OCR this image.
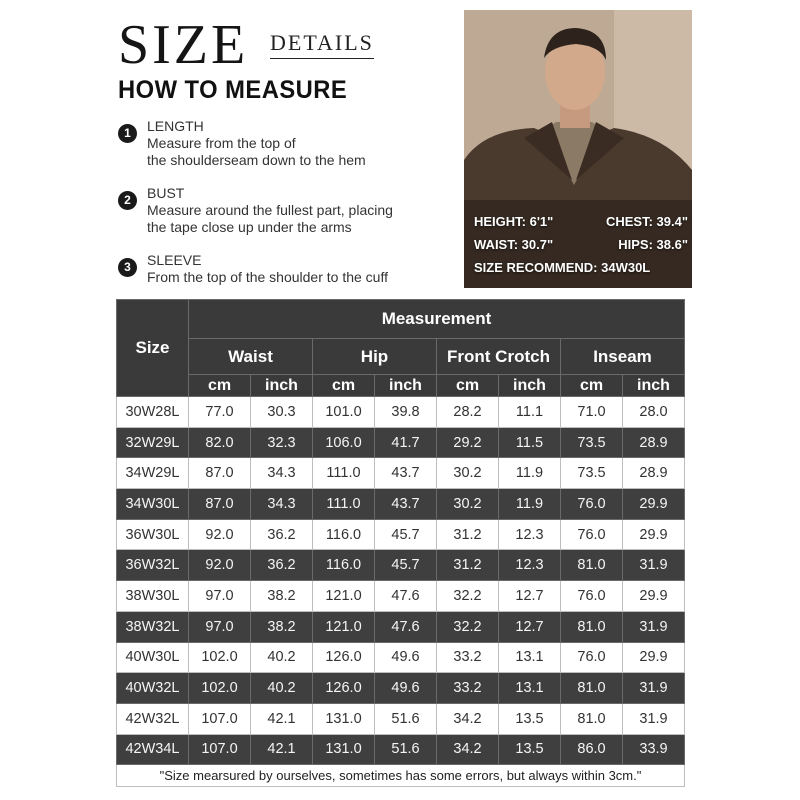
SIZE DETAILS
HOW TO MEASURE
1	LENGTH
Measure from the top of
the shoulderseam down to the hem
2	BUST
Measure around the fullest part, placing
the tape close up under the arms
3	SLEEVE
From the top of the shoulder to the cuff
HEIGHT: 6'1"	CHEST: 39.4"
WAIST: 30.7"	HIPS: 38.6"
SIZE RECOMMEND: 34W30L
Size	Measurement							
	Waist		Hip		Front Crotch		Inseam	
	cm	inch	cm	inch	cm	inch	cm	inch
30W28L	77.0	30.3	101.0	39.8	28.2	11.1	71.0	28.0
32W29L	82.0	32.3	106.0	41.7	29.2	11.5	73.5	28.9
34W29L	87.0	34.3	111.0	43.7	30.2	11.9	73.5	28.9
34W30L	87.0	34.3	111.0	43.7	30.2	11.9	76.0	29.9
36W30L	92.0	36.2	116.0	45.7	31.2	12.3	76.0	29.9
36W32L	92.0	36.2	116.0	45.7	31.2	12.3	81.0	31.9
38W30L	97.0	38.2	121.0	47.6	32.2	12.7	76.0	29.9
38W32L	97.0	38.2	121.0	47.6	32.2	12.7	81.0	31.9
40W30L	102.0	40.2	126.0	49.6	33.2	13.1	76.0	29.9
40W32L	102.0	40.2	126.0	49.6	33.2	13.1	81.0	31.9
42W32L	107.0	42.1	131.0	51.6	34.2	13.5	81.0	31.9
42W34L	107.0	42.1	131.0	51.6	34.2	13.5	86.0	33.9
"Size mearsured by ourselves, sometimes has some errors, but always within 3cm."								
